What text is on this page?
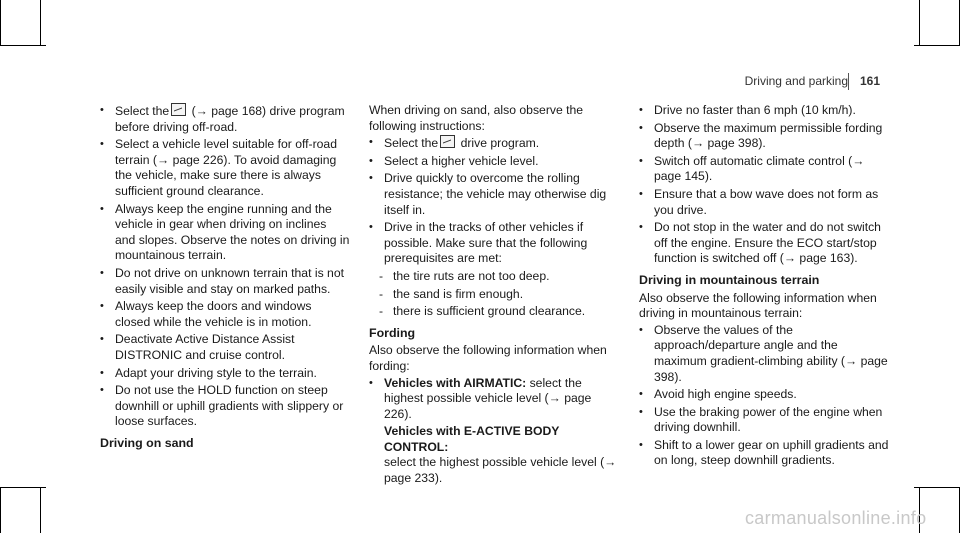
Driving and parking 161
• Select the (→ page 168) drive program before driving off-road.
• Select a vehicle level suitable for off-road terrain (→ page 226). To avoid damaging the vehicle, make sure there is always sufficient ground clearance.
• Always keep the engine running and the vehicle in gear when driving on inclines and slopes. Observe the notes on driving in mountainous terrain.
• Do not drive on unknown terrain that is not easily visible and stay on marked paths.
• Always keep the doors and windows closed while the vehicle is in motion.
• Deactivate Active Distance Assist DISTRONIC and cruise control.
• Adapt your driving style to the terrain.
• Do not use the HOLD function on steep downhill or uphill gradients with slippery or loose surfaces.
Driving on sand
When driving on sand, also observe the following instructions:
• Select the drive program.
• Select a higher vehicle level.
• Drive quickly to overcome the rolling resistance; the vehicle may otherwise dig itself in.
• Drive in the tracks of other vehicles if possible. Make sure that the following prerequisites are met:
- the tire ruts are not too deep.
- the sand is firm enough.
- there is sufficient ground clearance.
Fording
Also observe the following information when fording:
• Vehicles with AIRMATIC: select the highest possible vehicle level (→ page 226).
Vehicles with E-ACTIVE BODY CONTROL:
select the highest possible vehicle level (→ page 233).
• Drive no faster than 6 mph (10 km/h).
• Observe the maximum permissible fording depth (→ page 398).
• Switch off automatic climate control (→ page 145).
• Ensure that a bow wave does not form as you drive.
• Do not stop in the water and do not switch off the engine. Ensure the ECO start/stop function is switched off (→ page 163).
Driving in mountainous terrain
Also observe the following information when driving in mountainous terrain:
• Observe the values of the approach/departure angle and the maximum gradient-climbing ability (→ page 398).
• Avoid high engine speeds.
• Use the braking power of the engine when driving downhill.
• Shift to a lower gear on uphill gradients and on long, steep downhill gradients.
carmanualsonline.info
